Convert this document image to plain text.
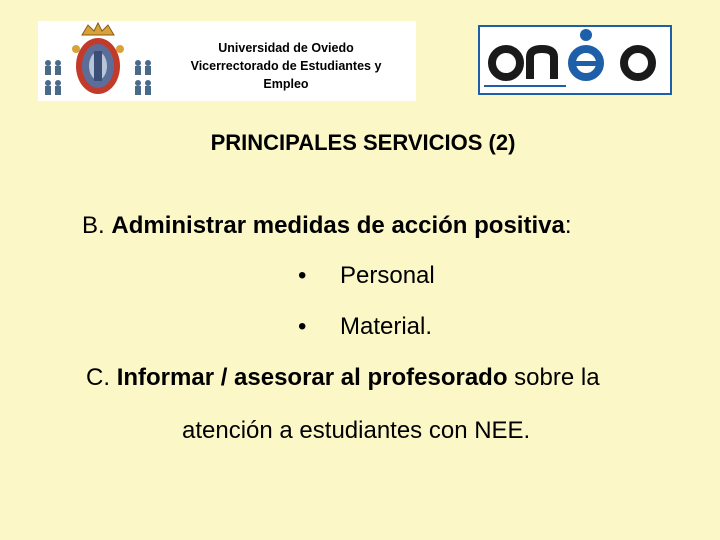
Universidad de Oviedo
Vicerrectorado de Estudiantes y
Empleo
PRINCIPALES SERVICIOS (2)
B. Administrar medidas de acción positiva:
• Personal
• Material.
C. Informar / asesorar al profesorado sobre la
atención a estudiantes con NEE.
